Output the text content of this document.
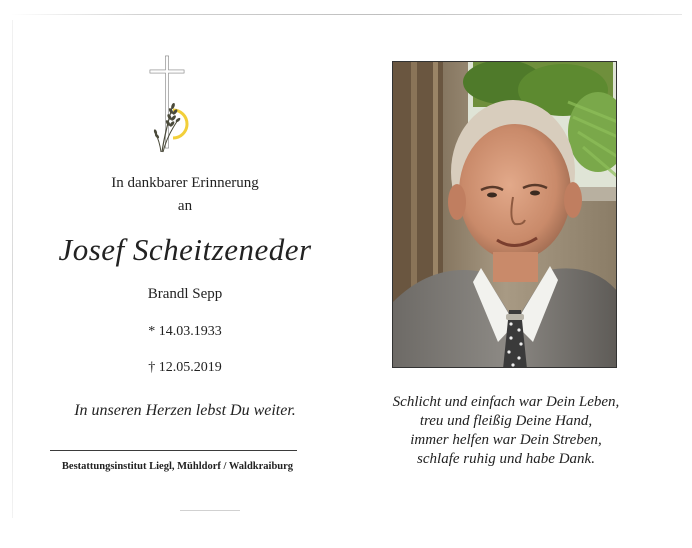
In dankbarer Erinnerung
an
Josef Scheitzeneder
Brandl Sepp
* 14.03.1933
† 12.05.2019
In unseren Herzen lebst Du weiter.
Bestattungsinstitut Liegl, Mühldorf / Waldkraiburg
Schlicht und einfach war Dein Leben,
treu und fleißig Deine Hand,
immer helfen war Dein Streben,
schlafe ruhig und habe Dank.
